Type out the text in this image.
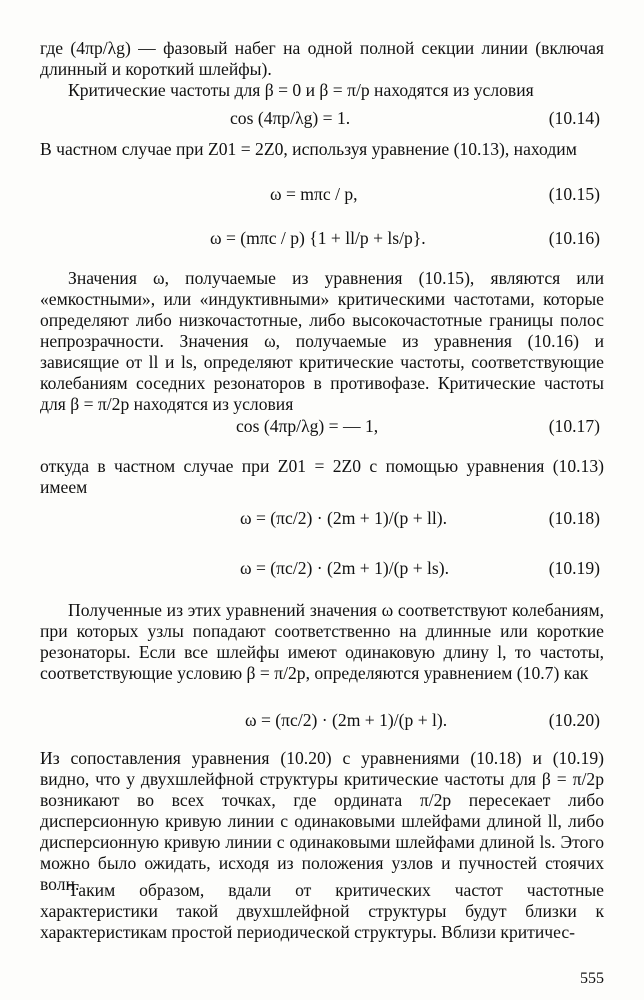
где (4πp/λg) — фазовый набег на одной полной секции линии (включая длинный и короткий шлейфы).

Критические частоты для β = 0 и β = π/p находятся из условия

cos (4πp/λg) = 1.	(10.14)

В частном случае при Z01 = 2Z0, используя уравнение (10.13), находим

ω = mπc / p,	(10.15)
ω = (mπc / p) {1 + ll/p + ls/p}.	(10.16)

Значения ω, получаемые из уравнения (10.15), являются или «емкостными», или «индуктивными» критическими частотами, которые определяют либо низкочастотные, либо высокочастотные границы полос непрозрачности. Значения ω, получаемые из уравнения (10.16) и зависящие от ll и ls, определяют критические частоты, соответствующие колебаниям соседних резонаторов в противофазе. Критические частоты для β = π/2p находятся из условия

cos (4πp/λg) = — 1,	(10.17)

откуда в частном случае при Z01 = 2Z0 с помощью уравнения (10.13) имеем

ω = (πc/2) · (2m + 1)/(p + ll).	(10.18)
ω = (πc/2) · (2m + 1)/(p + ls).	(10.19)

Полученные из этих уравнений значения ω соответствуют колебаниям, при которых узлы попадают соответственно на длинные или короткие резонаторы. Если все шлейфы имеют одинаковую длину l, то частоты, соответствующие условию β = π/2p, определяются уравнением (10.7) как

ω = (πc/2) · (2m + 1)/(p + l).	(10.20)

Из сопоставления уравнения (10.20) с уравнениями (10.18) и (10.19) видно, что у двухшлейфной структуры критические частоты для β = π/2p возникают во всех точках, где ордината π/2p пересекает либо дисперсионную кривую линии с одинаковыми шлейфами длиной ll, либо дисперсионную кривую линии с одинаковыми шлейфами длиной ls. Этого можно было ожидать, исходя из положения узлов и пучностей стоячих волн.

Таким образом, вдали от критических частот частотные характеристики такой двухшлейфной структуры будут близки к характеристикам простой периодической структуры. Вблизи критичес-

555
